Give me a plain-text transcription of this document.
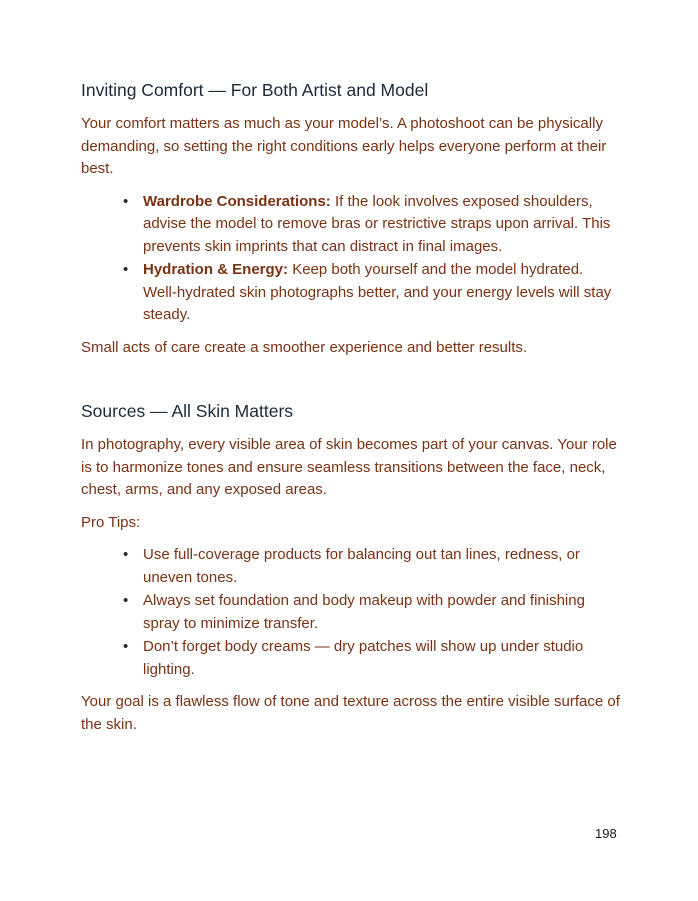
Inviting Comfort — For Both Artist and Model

Your comfort matters as much as your model’s. A photoshoot can be physically demanding, so setting the right conditions early helps everyone perform at their best.

• Wardrobe Considerations: If the look involves exposed shoulders, advise the model to remove bras or restrictive straps upon arrival. This prevents skin imprints that can distract in final images.
• Hydration & Energy: Keep both yourself and the model hydrated. Well-hydrated skin photographs better, and your energy levels will stay steady.

Small acts of care create a smoother experience and better results.

Sources — All Skin Matters

In photography, every visible area of skin becomes part of your canvas. Your role is to harmonize tones and ensure seamless transitions between the face, neck, chest, arms, and any exposed areas.

Pro Tips:

• Use full-coverage products for balancing out tan lines, redness, or uneven tones.
• Always set foundation and body makeup with powder and finishing spray to minimize transfer.
• Don’t forget body creams — dry patches will show up under studio lighting.

Your goal is a flawless flow of tone and texture across the entire visible surface of the skin.

198
